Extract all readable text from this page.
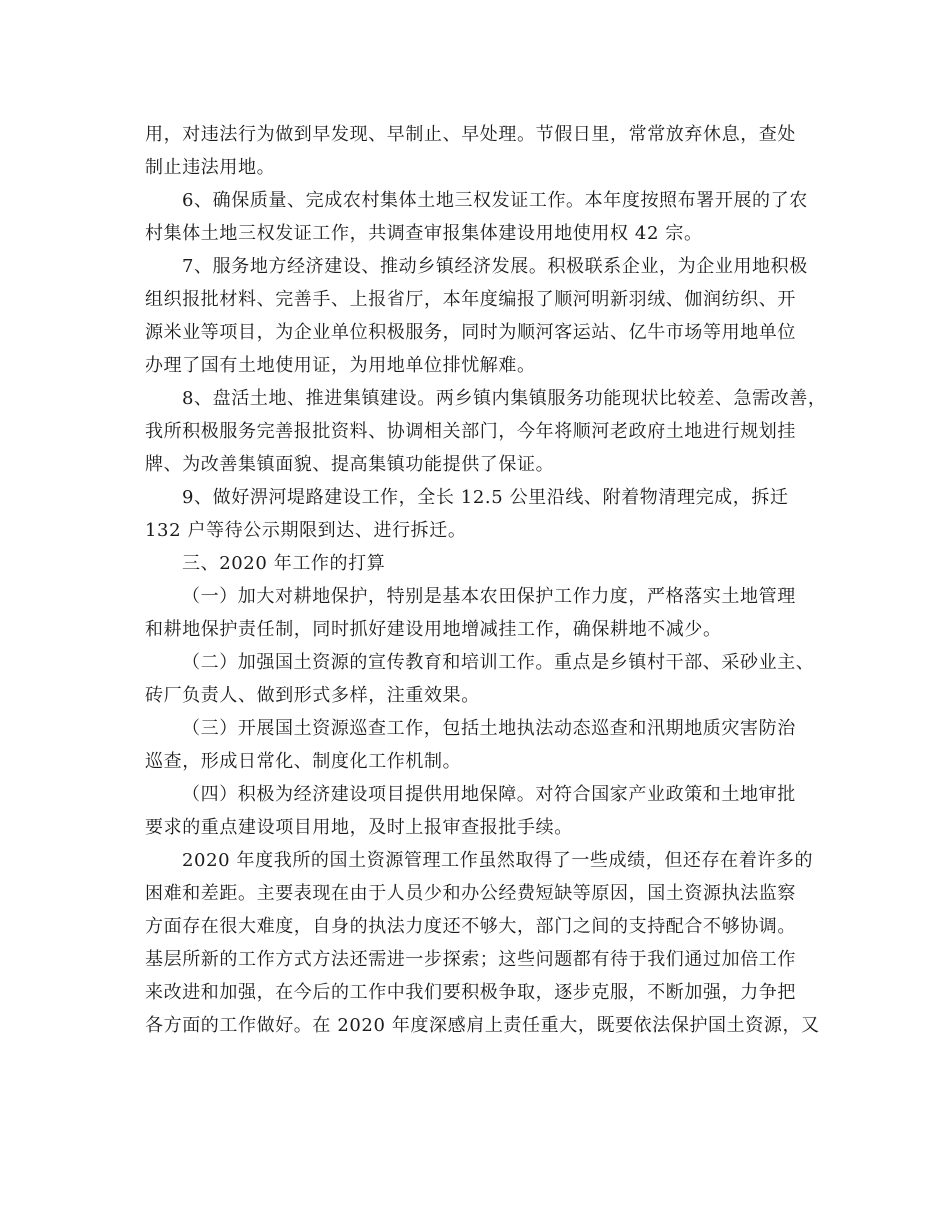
用，对违法行为做到早发现、早制止、早处理。节假日里，常常放弃休息，查处
制止违法用地。
6、确保质量、完成农村集体土地三权发证工作。本年度按照布署开展的了农
村集体土地三权发证工作，共调查审报集体建设用地使用权 42 宗。
7、服务地方经济建设、推动乡镇经济发展。积极联系企业，为企业用地积极
组织报批材料、完善手、上报省厅，本年度编报了顺河明新羽绒、伽润纺织、开
源米业等项目，为企业单位积极服务，同时为顺河客运站、亿牛市场等用地单位
办理了国有土地使用证，为用地单位排忧解难。
8、盘活土地、推进集镇建设。两乡镇内集镇服务功能现状比较差、急需改善，
我所积极服务完善报批资料、协调相关部门，今年将顺河老政府土地进行规划挂
牌、为改善集镇面貌、提高集镇功能提供了保证。
9、做好淠河堤路建设工作，全长 12.5 公里沿线、附着物清理完成，拆迁
132 户等待公示期限到达、进行拆迁。
三、2020 年工作的打算
（一）加大对耕地保护，特别是基本农田保护工作力度，严格落实土地管理
和耕地保护责任制，同时抓好建设用地增减挂工作，确保耕地不减少。
（二）加强国土资源的宣传教育和培训工作。重点是乡镇村干部、采砂业主、
砖厂负责人、做到形式多样，注重效果。
（三）开展国土资源巡查工作，包括土地执法动态巡查和汛期地质灾害防治
巡查，形成日常化、制度化工作机制。
（四）积极为经济建设项目提供用地保障。对符合国家产业政策和土地审批
要求的重点建设项目用地，及时上报审查报批手续。
2020 年度我所的国土资源管理工作虽然取得了一些成绩，但还存在着许多的
困难和差距。主要表现在由于人员少和办公经费短缺等原因，国土资源执法监察
方面存在很大难度，自身的执法力度还不够大，部门之间的支持配合不够协调。
基层所新的工作方式方法还需进一步探索；这些问题都有待于我们通过加倍工作
来改进和加强，在今后的工作中我们要积极争取，逐步克服，不断加强，力争把
各方面的工作做好。在 2020 年度深感肩上责任重大，既要依法保护国土资源，又
